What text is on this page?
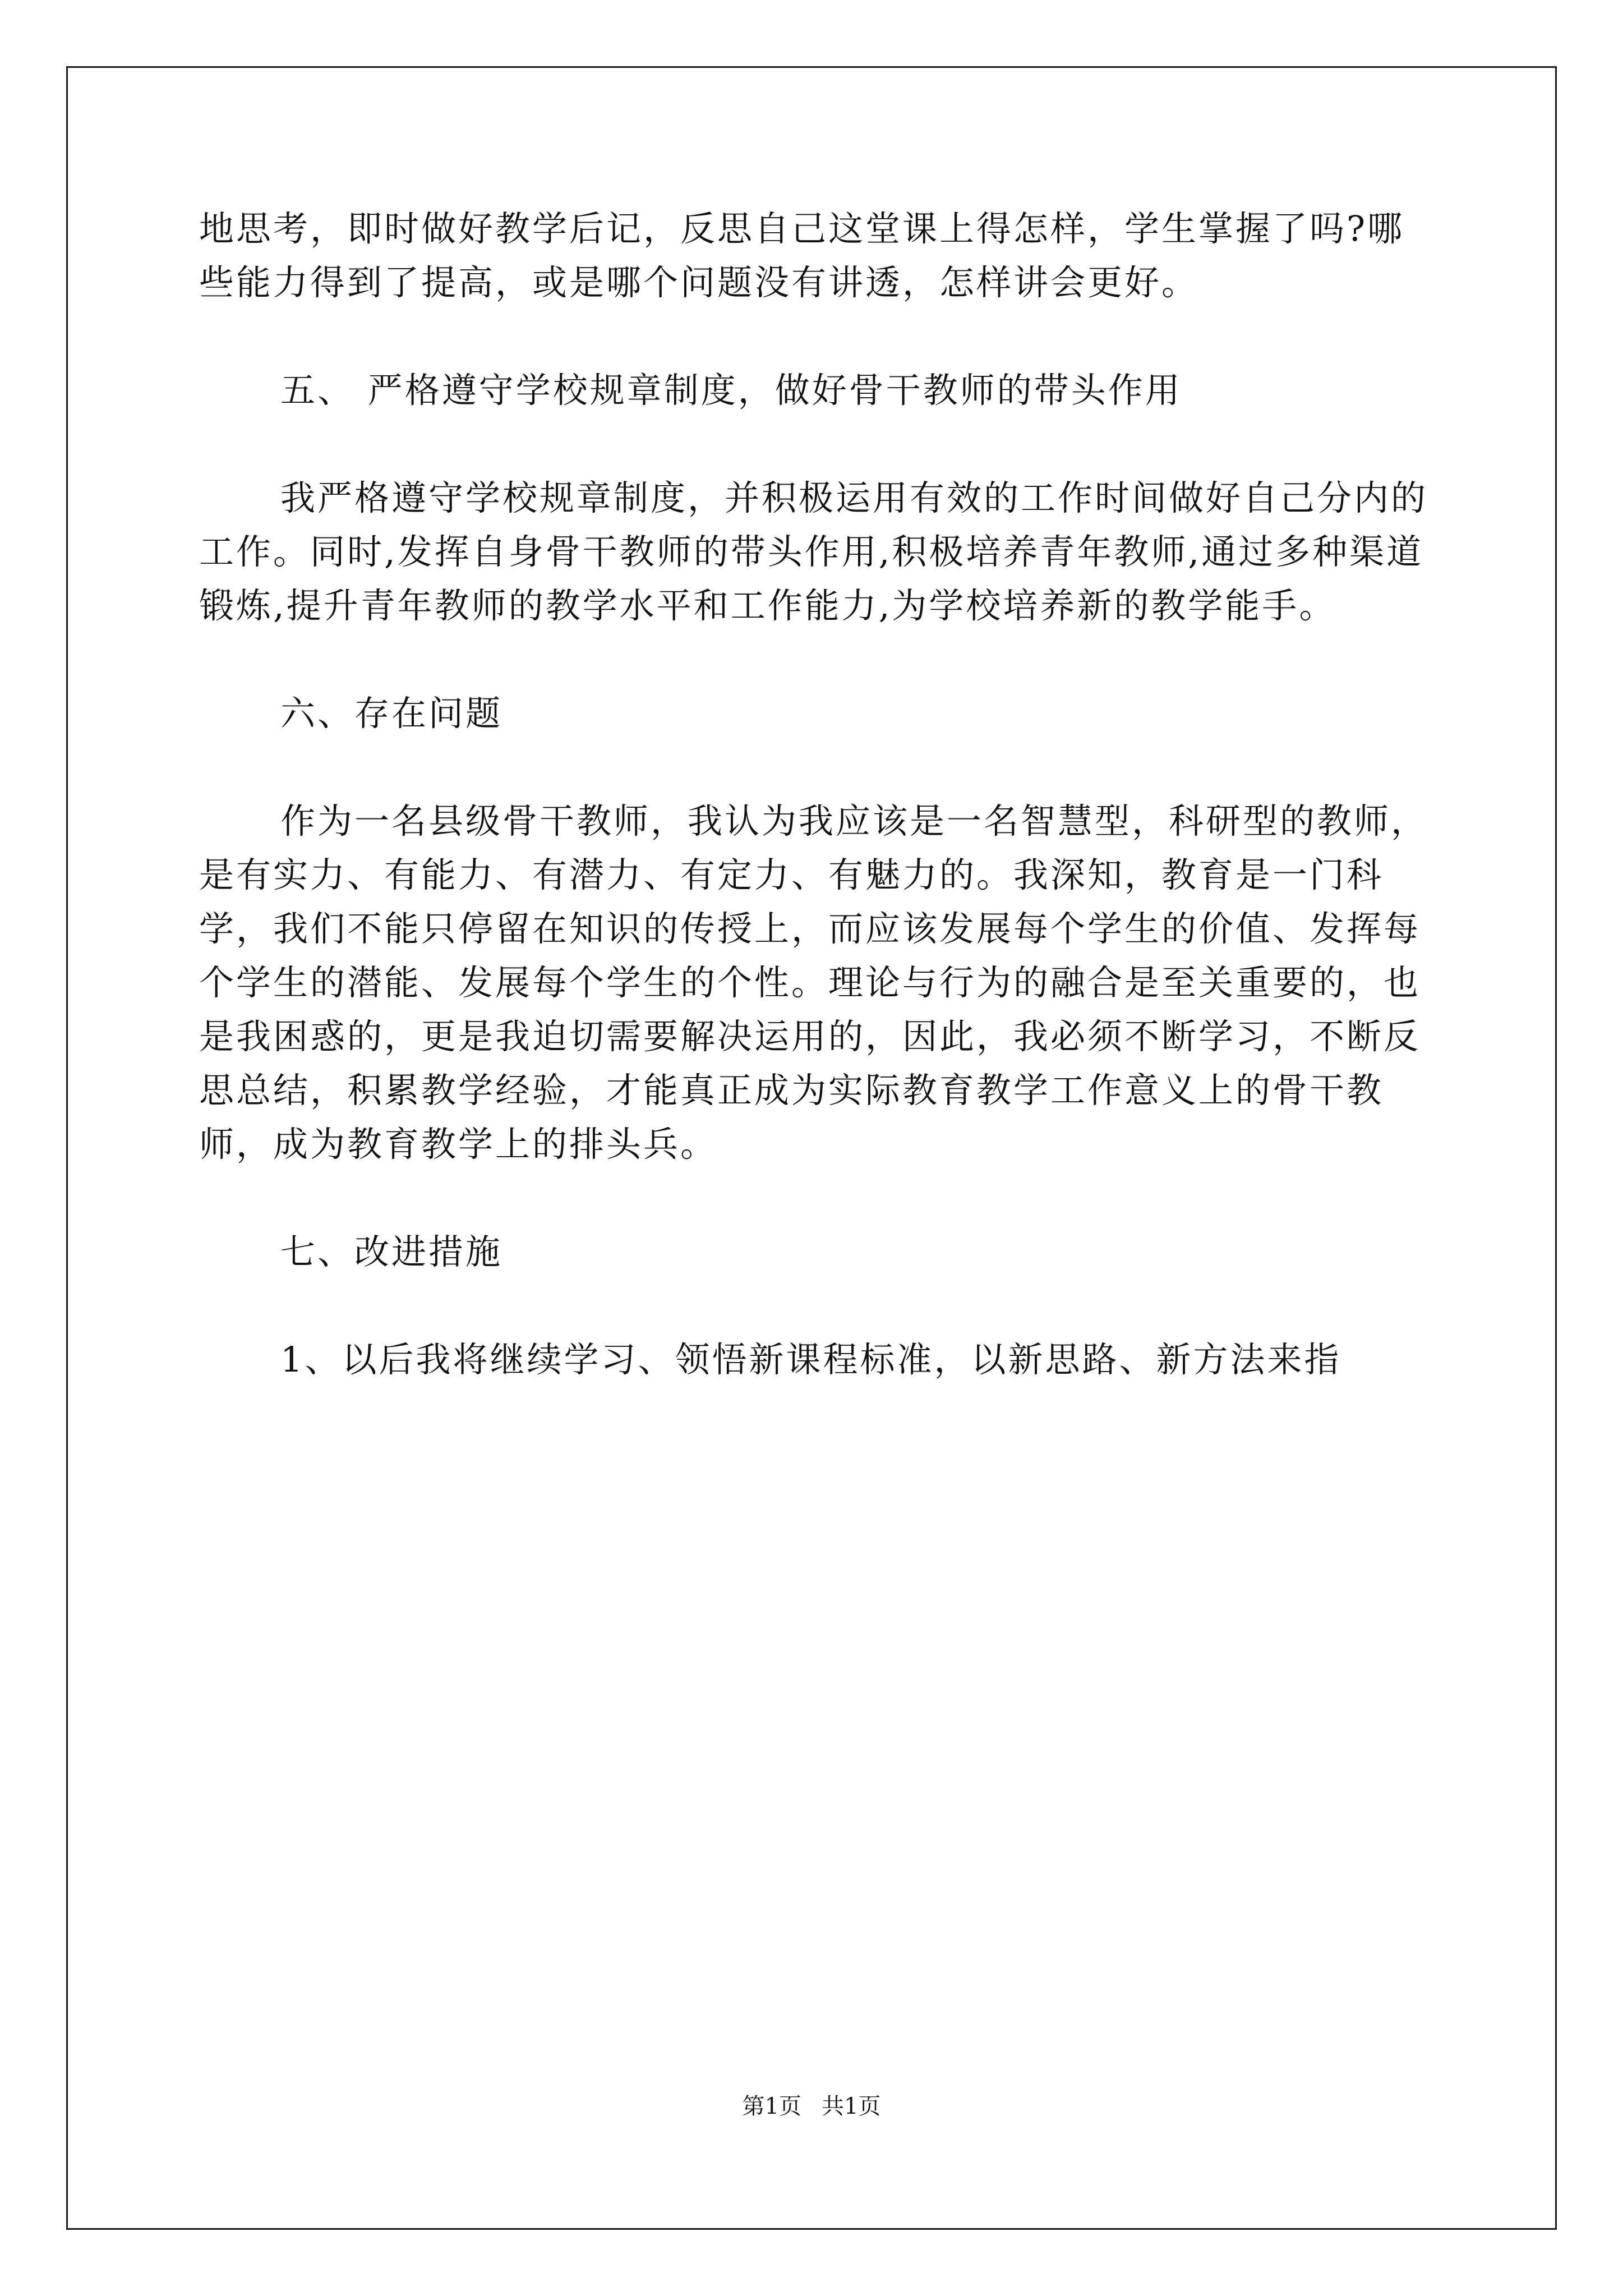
地思考，即时做好教学后记，反思自己这堂课上得怎样，学生掌握了吗?哪些能力得到了提高，或是哪个问题没有讲透，怎样讲会更好。

五、 严格遵守学校规章制度，做好骨干教师的带头作用

我严格遵守学校规章制度，并积极运用有效的工作时间做好自己分内的工作。同时,发挥自身骨干教师的带头作用,积极培养青年教师,通过多种渠道锻炼,提升青年教师的教学水平和工作能力,为学校培养新的教学能手。

六、存在问题

作为一名县级骨干教师，我认为我应该是一名智慧型，科研型的教师，是有实力、有能力、有潜力、有定力、有魅力的。我深知，教育是一门科学，我们不能只停留在知识的传授上，而应该发展每个学生的价值、发挥每个学生的潜能、发展每个学生的个性。理论与行为的融合是至关重要的，也是我困惑的，更是我迫切需要解决运用的，因此，我必须不断学习，不断反思总结，积累教学经验，才能真正成为实际教育教学工作意义上的骨干教师，成为教育教学上的排头兵。

七、改进措施

1、以后我将继续学习、领悟新课程标准，以新思路、新方法来指

第1页 共1页
